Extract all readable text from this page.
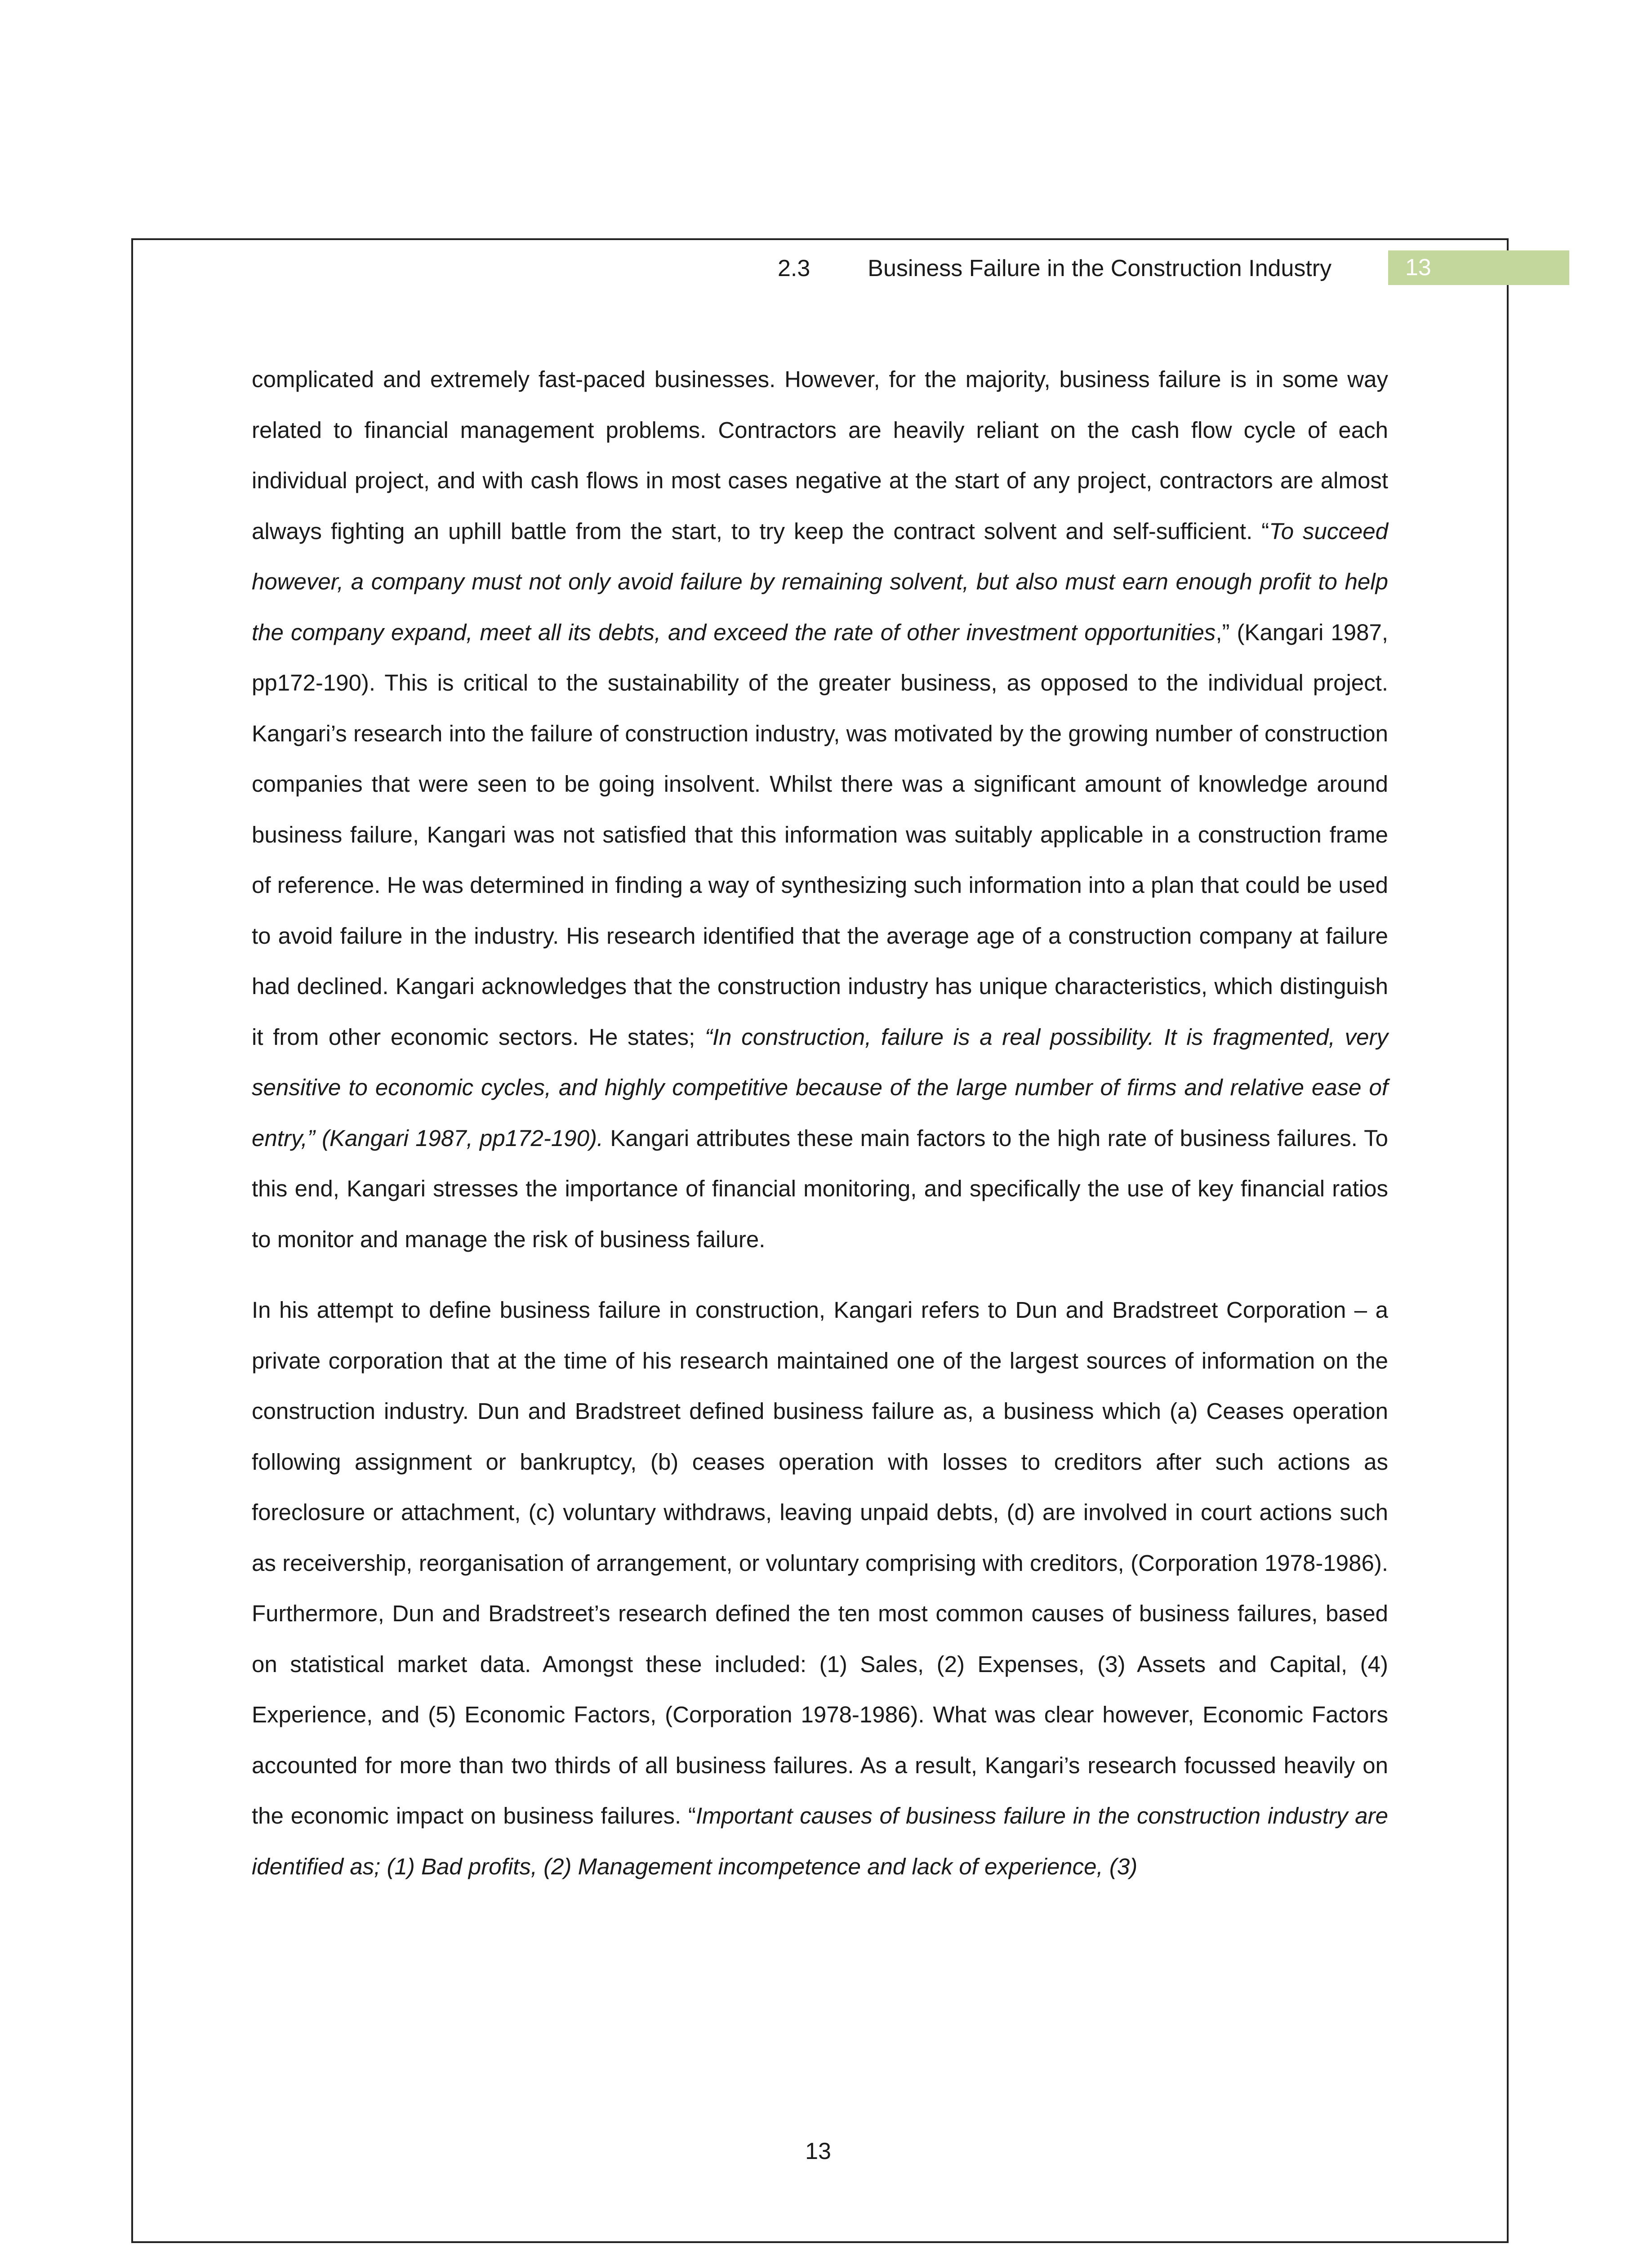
2.3 Business Failure in the Construction Industry	13

complicated and extremely fast-paced businesses. However, for the majority, business failure is in some way related to financial management problems. Contractors are heavily reliant on the cash flow cycle of each individual project, and with cash flows in most cases negative at the start of any project, contractors are almost always fighting an uphill battle from the start, to try keep the contract solvent and self-sufficient. “To succeed however, a company must not only avoid failure by remaining solvent, but also must earn enough profit to help the company expand, meet all its debts, and exceed the rate of other investment opportunities,” (Kangari 1987, pp172-190). This is critical to the sustainability of the greater business, as opposed to the individual project. Kangari’s research into the failure of construction industry, was motivated by the growing number of construction companies that were seen to be going insolvent. Whilst there was a significant amount of knowledge around business failure, Kangari was not satisfied that this information was suitably applicable in a construction frame of reference. He was determined in finding a way of synthesizing such information into a plan that could be used to avoid failure in the industry. His research identified that the average age of a construction company at failure had declined. Kangari acknowledges that the construction industry has unique characteristics, which distinguish it from other economic sectors. He states; “In construction, failure is a real possibility. It is fragmented, very sensitive to economic cycles, and highly competitive because of the large number of firms and relative ease of entry,” (Kangari 1987, pp172-190). Kangari attributes these main factors to the high rate of business failures. To this end, Kangari stresses the importance of financial monitoring, and specifically the use of key financial ratios to monitor and manage the risk of business failure.

In his attempt to define business failure in construction, Kangari refers to Dun and Bradstreet Corporation – a private corporation that at the time of his research maintained one of the largest sources of information on the construction industry. Dun and Bradstreet defined business failure as, a business which (a) Ceases operation following assignment or bankruptcy, (b) ceases operation with losses to creditors after such actions as foreclosure or attachment, (c) voluntary withdraws, leaving unpaid debts, (d) are involved in court actions such as receivership, reorganisation of arrangement, or voluntary comprising with creditors, (Corporation 1978-1986). Furthermore, Dun and Bradstreet’s research defined the ten most common causes of business failures, based on statistical market data. Amongst these included: (1) Sales, (2) Expenses, (3) Assets and Capital, (4) Experience, and (5) Economic Factors, (Corporation 1978-1986). What was clear however, Economic Factors accounted for more than two thirds of all business failures. As a result, Kangari’s research focussed heavily on the economic impact on business failures. “Important causes of business failure in the construction industry are identified as; (1) Bad profits, (2) Management incompetence and lack of experience, (3)

13
